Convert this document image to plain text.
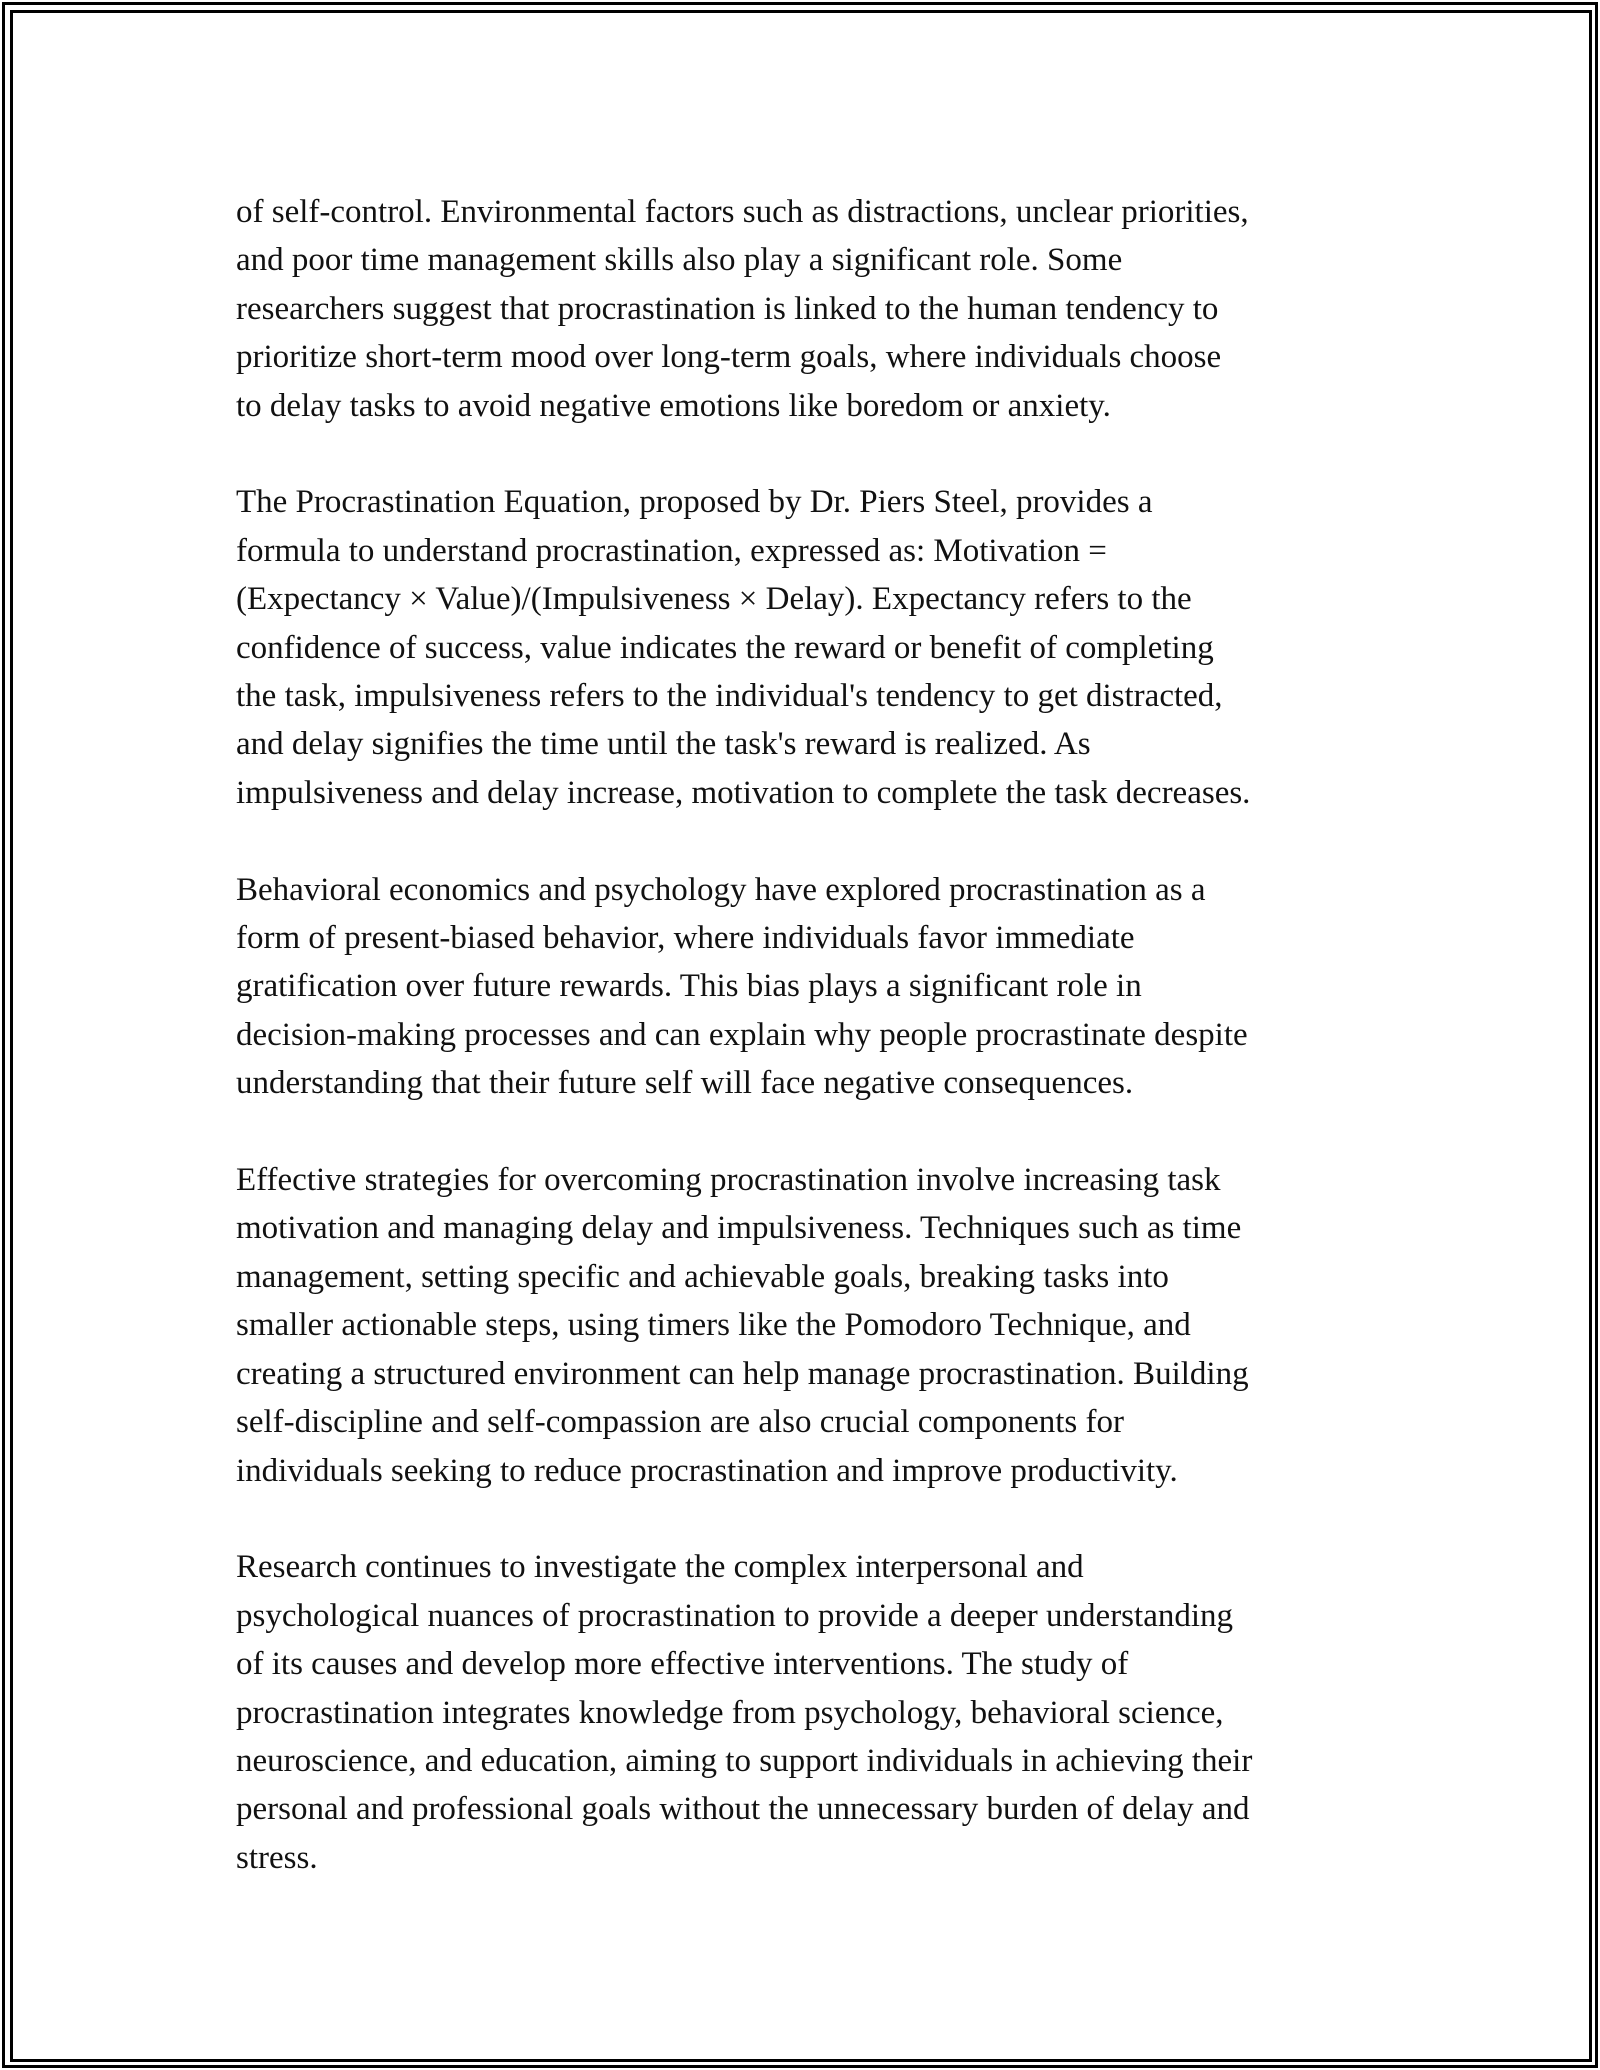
of self-control. Environmental factors such as distractions, unclear priorities,
and poor time management skills also play a significant role. Some
researchers suggest that procrastination is linked to the human tendency to
prioritize short-term mood over long-term goals, where individuals choose
to delay tasks to avoid negative emotions like boredom or anxiety.

The Procrastination Equation, proposed by Dr. Piers Steel, provides a
formula to understand procrastination, expressed as: Motivation =
(Expectancy × Value)/(Impulsiveness × Delay). Expectancy refers to the
confidence of success, value indicates the reward or benefit of completing
the task, impulsiveness refers to the individual's tendency to get distracted,
and delay signifies the time until the task's reward is realized. As
impulsiveness and delay increase, motivation to complete the task decreases.

Behavioral economics and psychology have explored procrastination as a
form of present-biased behavior, where individuals favor immediate
gratification over future rewards. This bias plays a significant role in
decision-making processes and can explain why people procrastinate despite
understanding that their future self will face negative consequences.

Effective strategies for overcoming procrastination involve increasing task
motivation and managing delay and impulsiveness. Techniques such as time
management, setting specific and achievable goals, breaking tasks into
smaller actionable steps, using timers like the Pomodoro Technique, and
creating a structured environment can help manage procrastination. Building
self-discipline and self-compassion are also crucial components for
individuals seeking to reduce procrastination and improve productivity.

Research continues to investigate the complex interpersonal and
psychological nuances of procrastination to provide a deeper understanding
of its causes and develop more effective interventions. The study of
procrastination integrates knowledge from psychology, behavioral science,
neuroscience, and education, aiming to support individuals in achieving their
personal and professional goals without the unnecessary burden of delay and
stress.
